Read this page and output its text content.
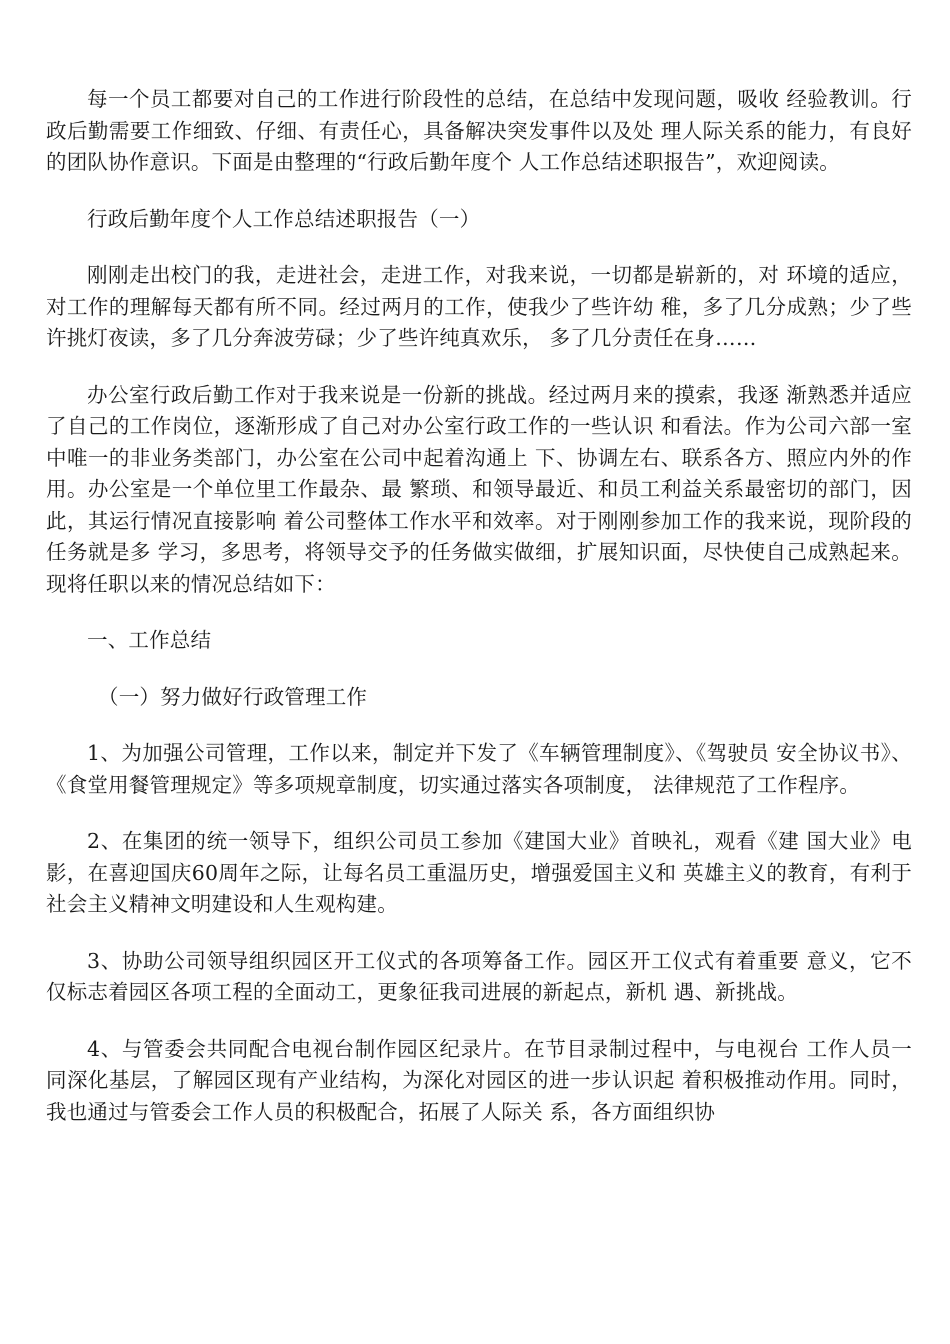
每一个员工都要对自己的工作进行阶段性的总结，在总结中发现问题，吸收 经验教训。行政后勤需要工作细致、仔细、有责任心，具备解决突发事件以及处 理人际关系的能力，有良好的团队协作意识。下面是由整理的“行政后勤年度个 人工作总结述职报告”，欢迎阅读。

行政后勤年度个人工作总结述职报告（一）

刚刚走出校门的我，走进社会，走进工作，对我来说，一切都是崭新的，对 环境的适应，对工作的理解每天都有所不同。经过两月的工作，使我少了些许幼 稚，多了几分成熟；少了些许挑灯夜读，多了几分奔波劳碌；少了些许纯真欢乐， 多了几分责任在身……

办公室行政后勤工作对于我来说是一份新的挑战。经过两月来的摸索，我逐 渐熟悉并适应了自己的工作岗位，逐渐形成了自己对办公室行政工作的一些认识 和看法。作为公司六部一室中唯一的非业务类部门，办公室在公司中起着沟通上 下、协调左右、联系各方、照应内外的作用。办公室是一个单位里工作最杂、最 繁琐、和领导最近、和员工利益关系最密切的部门，因此，其运行情况直接影响 着公司整体工作水平和效率。对于刚刚参加工作的我来说，现阶段的任务就是多 学习，多思考，将领导交予的任务做实做细，扩展知识面，尽快使自己成熟起来。 现将任职以来的情况总结如下：

一、工作总结

（一）努力做好行政管理工作

1、为加强公司管理，工作以来，制定并下发了《车辆管理制度》、《驾驶员 安全协议书》、《食堂用餐管理规定》等多项规章制度，切实通过落实各项制度， 法律规范了工作程序。

2、在集团的统一领导下，组织公司员工参加《建国大业》首映礼，观看《建 国大业》电影，在喜迎国庆60周年之际，让每名员工重温历史，增强爱国主义和 英雄主义的教育，有利于社会主义精神文明建设和人生观构建。

3、协助公司领导组织园区开工仪式的各项筹备工作。园区开工仪式有着重要 意义，它不仅标志着园区各项工程的全面动工，更象征我司进展的新起点，新机 遇、新挑战。

4、与管委会共同配合电视台制作园区纪录片。在节目录制过程中，与电视台 工作人员一同深化基层，了解园区现有产业结构，为深化对园区的进一步认识起 着积极推动作用。同时，我也通过与管委会工作人员的积极配合，拓展了人际关 系，各方面组织协
